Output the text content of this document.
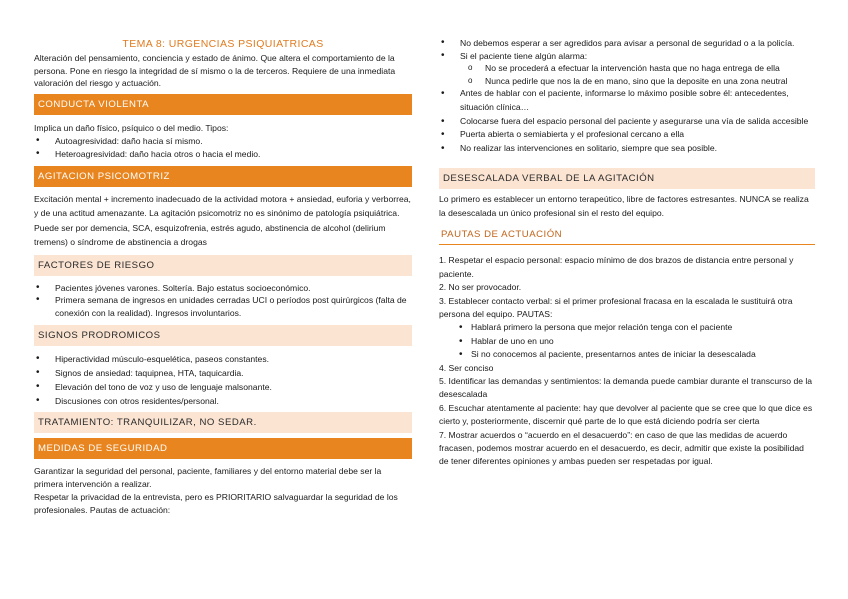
TEMA 8: URGENCIAS PSIQUIATRICAS

Alteración del pensamiento, conciencia y estado de ánimo. Que altera el comportamiento de la persona. Pone en riesgo la integridad de sí mismo o la de terceros. Requiere de una inmediata valoración del riesgo y actuación.

CONDUCTA VIOLENTA

Implica un daño físico, psíquico o del medio. Tipos:

• Autoagresividad: daño hacia sí mismo.
• Heteroagresividad: daño hacia otros o hacia el medio.
AGITACION PSICOMOTRIZ

Excitación mental + incremento inadecuado de la actividad motora + ansiedad, euforia y verborrea, y de una actitud amenazante. La agitación psicomotriz no es sinónimo de patología psiquiátrica. Puede ser por demencia, SCA, esquizofrenia, estrés agudo, abstinencia de alcohol (delirium tremens) o síndrome de abstinencia a drogas

FACTORES DE RIESGO
• Pacientes jóvenes varones. Soltería. Bajo estatus socioeconómico.
• Primera semana de ingresos en unidades cerradas UCI o períodos post quirúrgicos (falta de conexión con la realidad). Ingresos involuntarios.
SIGNOS PRODROMICOS
• Hiperactividad músculo-esquelética, paseos constantes.
• Signos de ansiedad: taquipnea, HTA, taquicardia.
• Elevación del tono de voz y uso de lenguaje malsonante.
• Discusiones con otros residentes/personal.
TRATAMIENTO: TRANQUILIZAR, NO SEDAR.
MEDIDAS DE SEGURIDAD

Garantizar la seguridad del personal, paciente, familiares y del entorno material debe ser la primera intervención a realizar.

Respetar la privacidad de la entrevista, pero es PRIORITARIO salvaguardar la seguridad de los profesionales. Pautas de actuación:

• No debemos esperar a ser agredidos para avisar a personal de seguridad o a la policía.
• Si el paciente tiene algún alarma:
o No se procederá a efectuar la intervención hasta que no haga entrega de ella
o Nunca pedirle que nos la de en mano, sino que la deposite en una zona neutral
• Antes de hablar con el paciente, informarse lo máximo posible sobre él: antecedentes, situación clínica…
• Colocarse fuera del espacio personal del paciente y asegurarse una vía de salida accesible
• Puerta abierta o semiabierta y el profesional cercano a ella
• No realizar las intervenciones en solitario, siempre que sea posible.
DESESCALADA VERBAL DE LA AGITACIÓN

Lo primero es establecer un entorno terapeútico, libre de factores estresantes. NUNCA se realiza la desescalada un único profesional sin el resto del equipo.

PAUTAS DE ACTUACIÓN

1. Respetar el espacio personal: espacio mínimo de dos brazos de distancia entre personal y paciente.

2. No ser provocador.

3. Establecer contacto verbal: si el primer profesional fracasa en la escalada le sustituirá otra persona del equipo. PAUTAS:

• Hablará primero la persona que mejor relación tenga con el paciente
• Hablar de uno en uno
• Si no conocemos al paciente, presentarnos antes de iniciar la desescalada

4. Ser conciso

5. Identificar las demandas y sentimientos: la demanda puede cambiar durante el transcurso de la desescalada

6. Escuchar atentamente al paciente: hay que devolver al paciente que se cree que lo que dice es cierto y, posteriormente, discernir qué parte de lo que está diciendo podría ser cierta

7. Mostrar acuerdos o “acuerdo en el desacuerdo”: en caso de que las medidas de acuerdo fracasen, podemos mostrar acuerdo en el desacuerdo, es decir, admitir que existe la posibilidad de tener diferentes opiniones y ambas pueden ser respetadas por igual.
